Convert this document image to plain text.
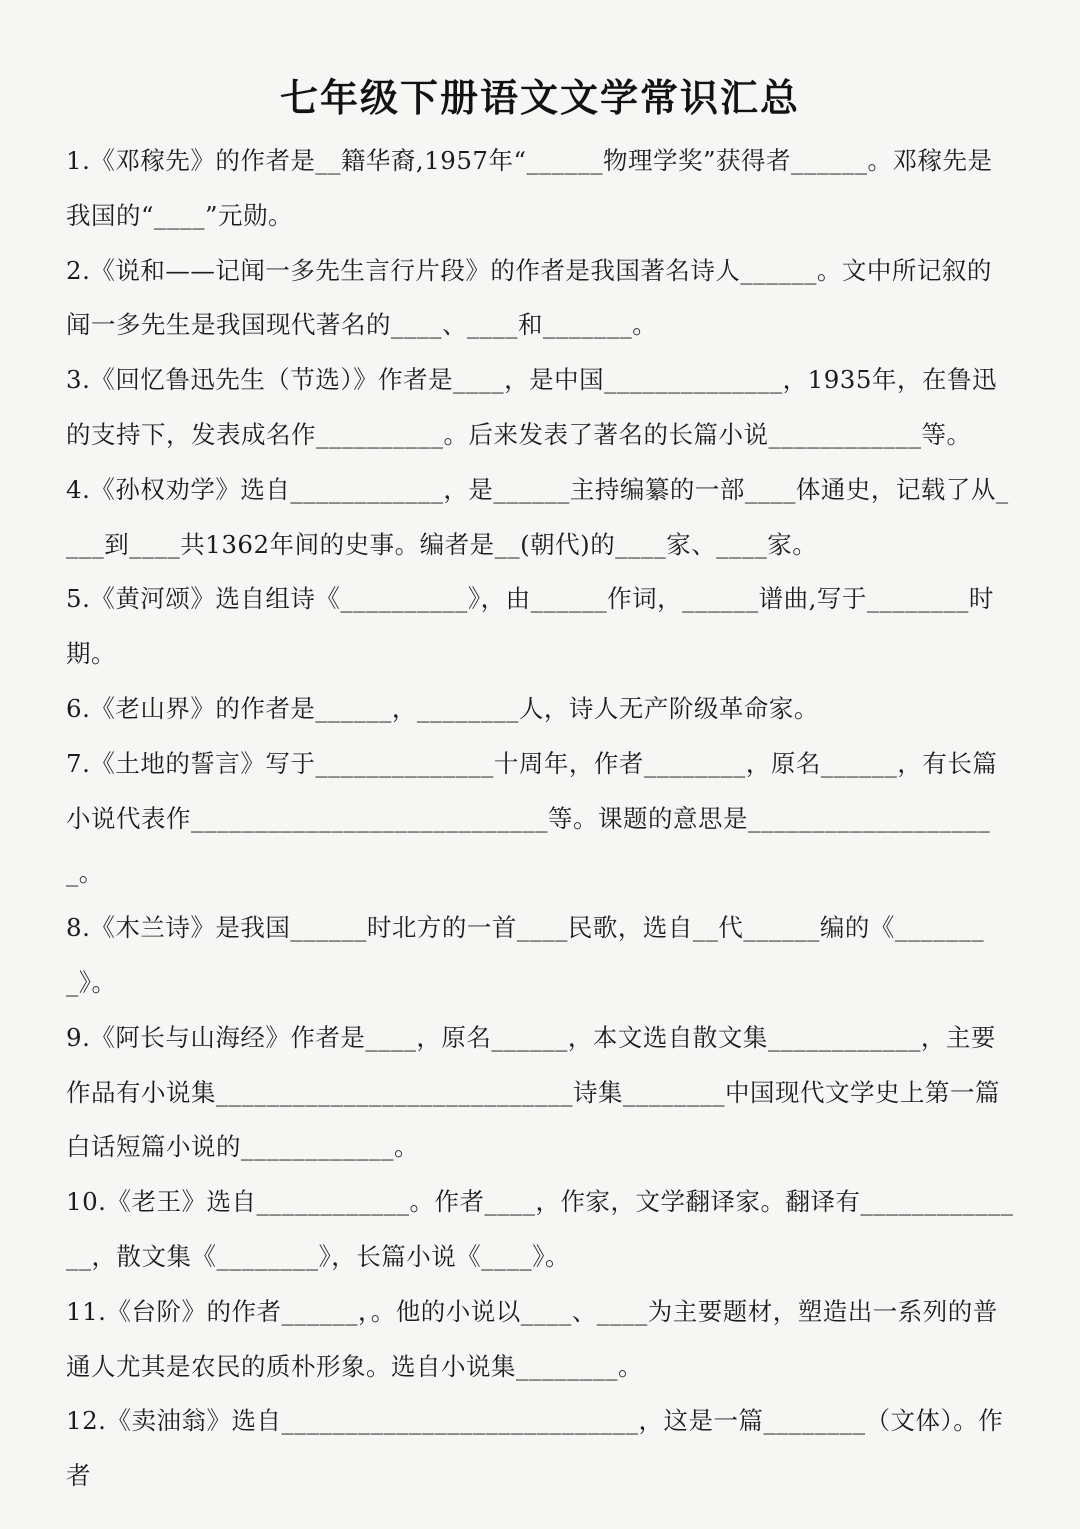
七年级下册语文文学常识汇总

1.《邓稼先》的作者是__籍华裔,1957年“______物理学奖”获得者______。邓稼先是我国的“____”元勋。

2.《说和——记闻一多先生言行片段》的作者是我国著名诗人______。文中所记叙的闻一多先生是我国现代著名的____、____和_______。

3.《回忆鲁迅先生（节选）》作者是____，是中国______________，1935年，在鲁迅的支持下，发表成名作__________。后来发表了著名的长篇小说____________等。

4.《孙权劝学》选自____________，是______主持编纂的一部____体通史，记载了从____到____共1362年间的史事。编者是__(朝代)的____家、____家。

5.《黄河颂》选自组诗《__________》，由______作词，______谱曲,写于________时期。

6.《老山界》的作者是______，________人，诗人无产阶级革命家。

7.《土地的誓言》写于______________十周年，作者________，原名______，有长篇小说代表作____________________________等。课题的意思是____________________。

8.《木兰诗》是我国______时北方的一首____民歌，选自__代______编的《________》。

9.《阿长与山海经》作者是____，原名______，本文选自散文集____________，主要作品有小说集____________________________诗集________中国现代文学史上第一篇白话短篇小说的____________。

10.《老王》选自____________。作者____，作家，文学翻译家。翻译有______________，散文集《________》，长篇小说《____》。

11.《台阶》的作者______，。他的小说以____、____为主要题材，塑造出一系列的普通人尤其是农民的质朴形象。选自小说集________。

12.《卖油翁》选自____________________________，这是一篇________（文体）。作者
